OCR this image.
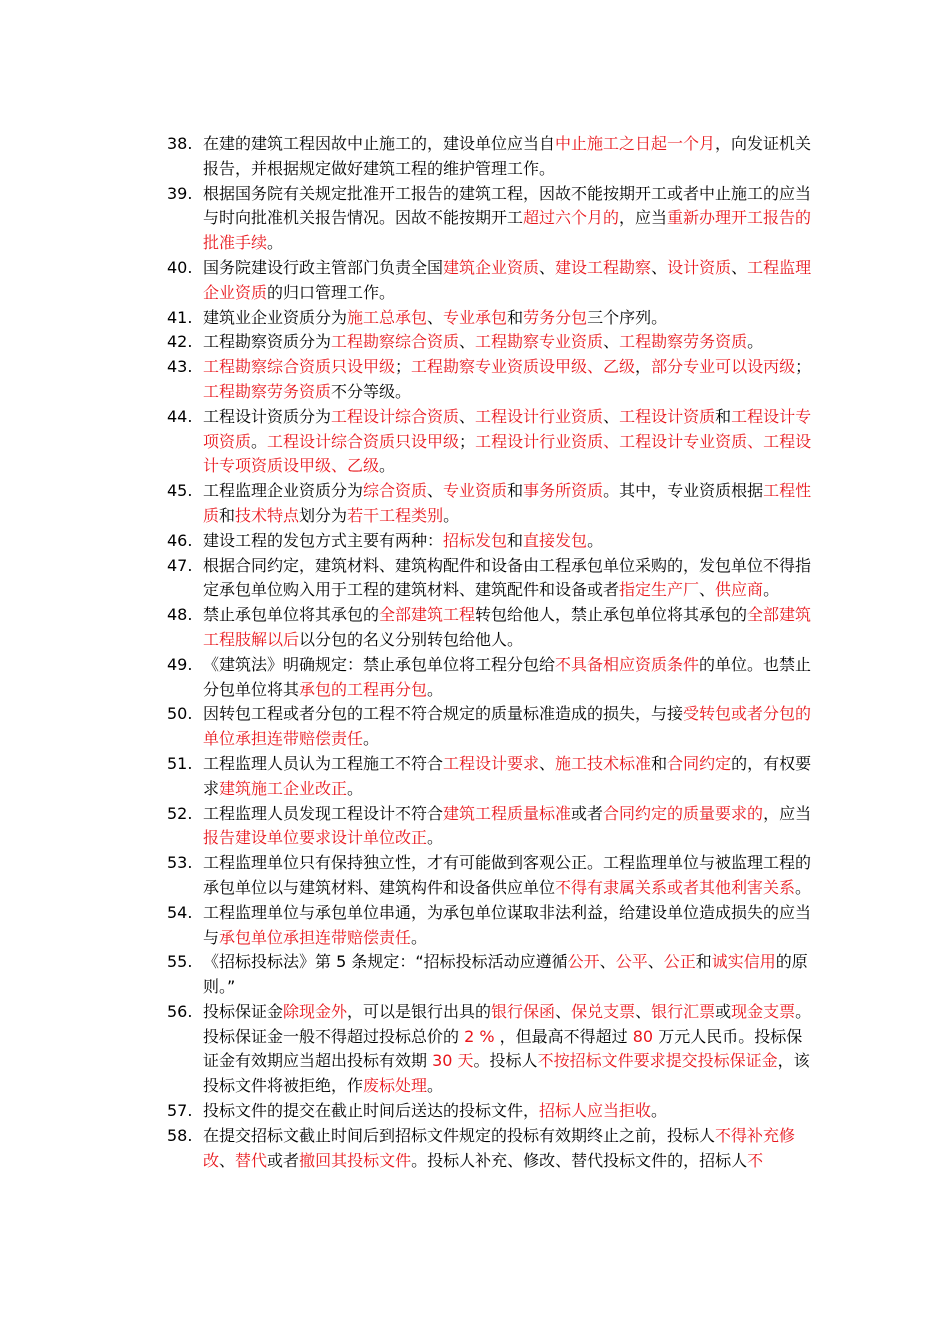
38. 在建的建筑工程因故中止施工的，建设单位应当自中止施工之日起一个月，向发证机关报告，并根据规定做好建筑工程的维护管理工作。
39. 根据国务院有关规定批准开工报告的建筑工程，因故不能按期开工或者中止施工的应当与时向批准机关报告情况。因故不能按期开工超过六个月的，应当重新办理开工报告的批准手续。
40. 国务院建设行政主管部门负责全国建筑企业资质、建设工程勘察、设计资质、工程监理企业资质的归口管理工作。
41. 建筑业企业资质分为施工总承包、专业承包和劳务分包三个序列。
42. 工程勘察资质分为工程勘察综合资质、工程勘察专业资质、工程勘察劳务资质。
43. 工程勘察综合资质只设甲级；工程勘察专业资质设甲级、乙级，部分专业可以设丙级；工程勘察劳务资质不分等级。
44. 工程设计资质分为工程设计综合资质、工程设计行业资质、工程设计资质和工程设计专项资质。工程设计综合资质只设甲级；工程设计行业资质、工程设计专业资质、工程设计专项资质设甲级、乙级。
45. 工程监理企业资质分为综合资质、专业资质和事务所资质。其中，专业资质根据工程性质和技术特点划分为若干工程类别。
46. 建设工程的发包方式主要有两种：招标发包和直接发包。
47. 根据合同约定，建筑材料、建筑构配件和设备由工程承包单位采购的，发包单位不得指定承包单位购入用于工程的建筑材料、建筑配件和设备或者指定生产厂、供应商。
48. 禁止承包单位将其承包的全部建筑工程转包给他人，禁止承包单位将其承包的全部建筑工程肢解以后以分包的名义分别转包给他人。
49. 《建筑法》明确规定：禁止承包单位将工程分包给不具备相应资质条件的单位。也禁止分包单位将其承包的工程再分包。
50. 因转包工程或者分包的工程不符合规定的质量标准造成的损失，与接受转包或者分包的单位承担连带赔偿责任。
51. 工程监理人员认为工程施工不符合工程设计要求、施工技术标准和合同约定的，有权要求建筑施工企业改正。
52. 工程监理人员发现工程设计不符合建筑工程质量标准或者合同约定的质量要求的，应当报告建设单位要求设计单位改正。
53. 工程监理单位只有保持独立性，才有可能做到客观公正。工程监理单位与被监理工程的承包单位以与建筑材料、建筑构件和设备供应单位不得有隶属关系或者其他利害关系。
54. 工程监理单位与承包单位串通，为承包单位谋取非法利益，给建设单位造成损失的应当与承包单位承担连带赔偿责任。
55. 《招标投标法》第 5 条规定：“招标投标活动应遵循公开、公平、公正和诚实信用的原则。”
56. 投标保证金除现金外，可以是银行出具的银行保函、保兑支票、银行汇票或现金支票。投标保证金一般不得超过投标总价的 2 % ，但最高不得超过 80 万元人民币。投标保证金有效期应当超出投标有效期 30 天。投标人不按招标文件要求提交投标保证金，该投标文件将被拒绝，作废标处理。
57. 投标文件的提交在截止时间后送达的投标文件，招标人应当拒收。
58. 在提交招标文截止时间后到招标文件规定的投标有效期终止之前，投标人不得补充修改、替代或者撤回其投标文件。投标人补充、修改、替代投标文件的，招标人不
